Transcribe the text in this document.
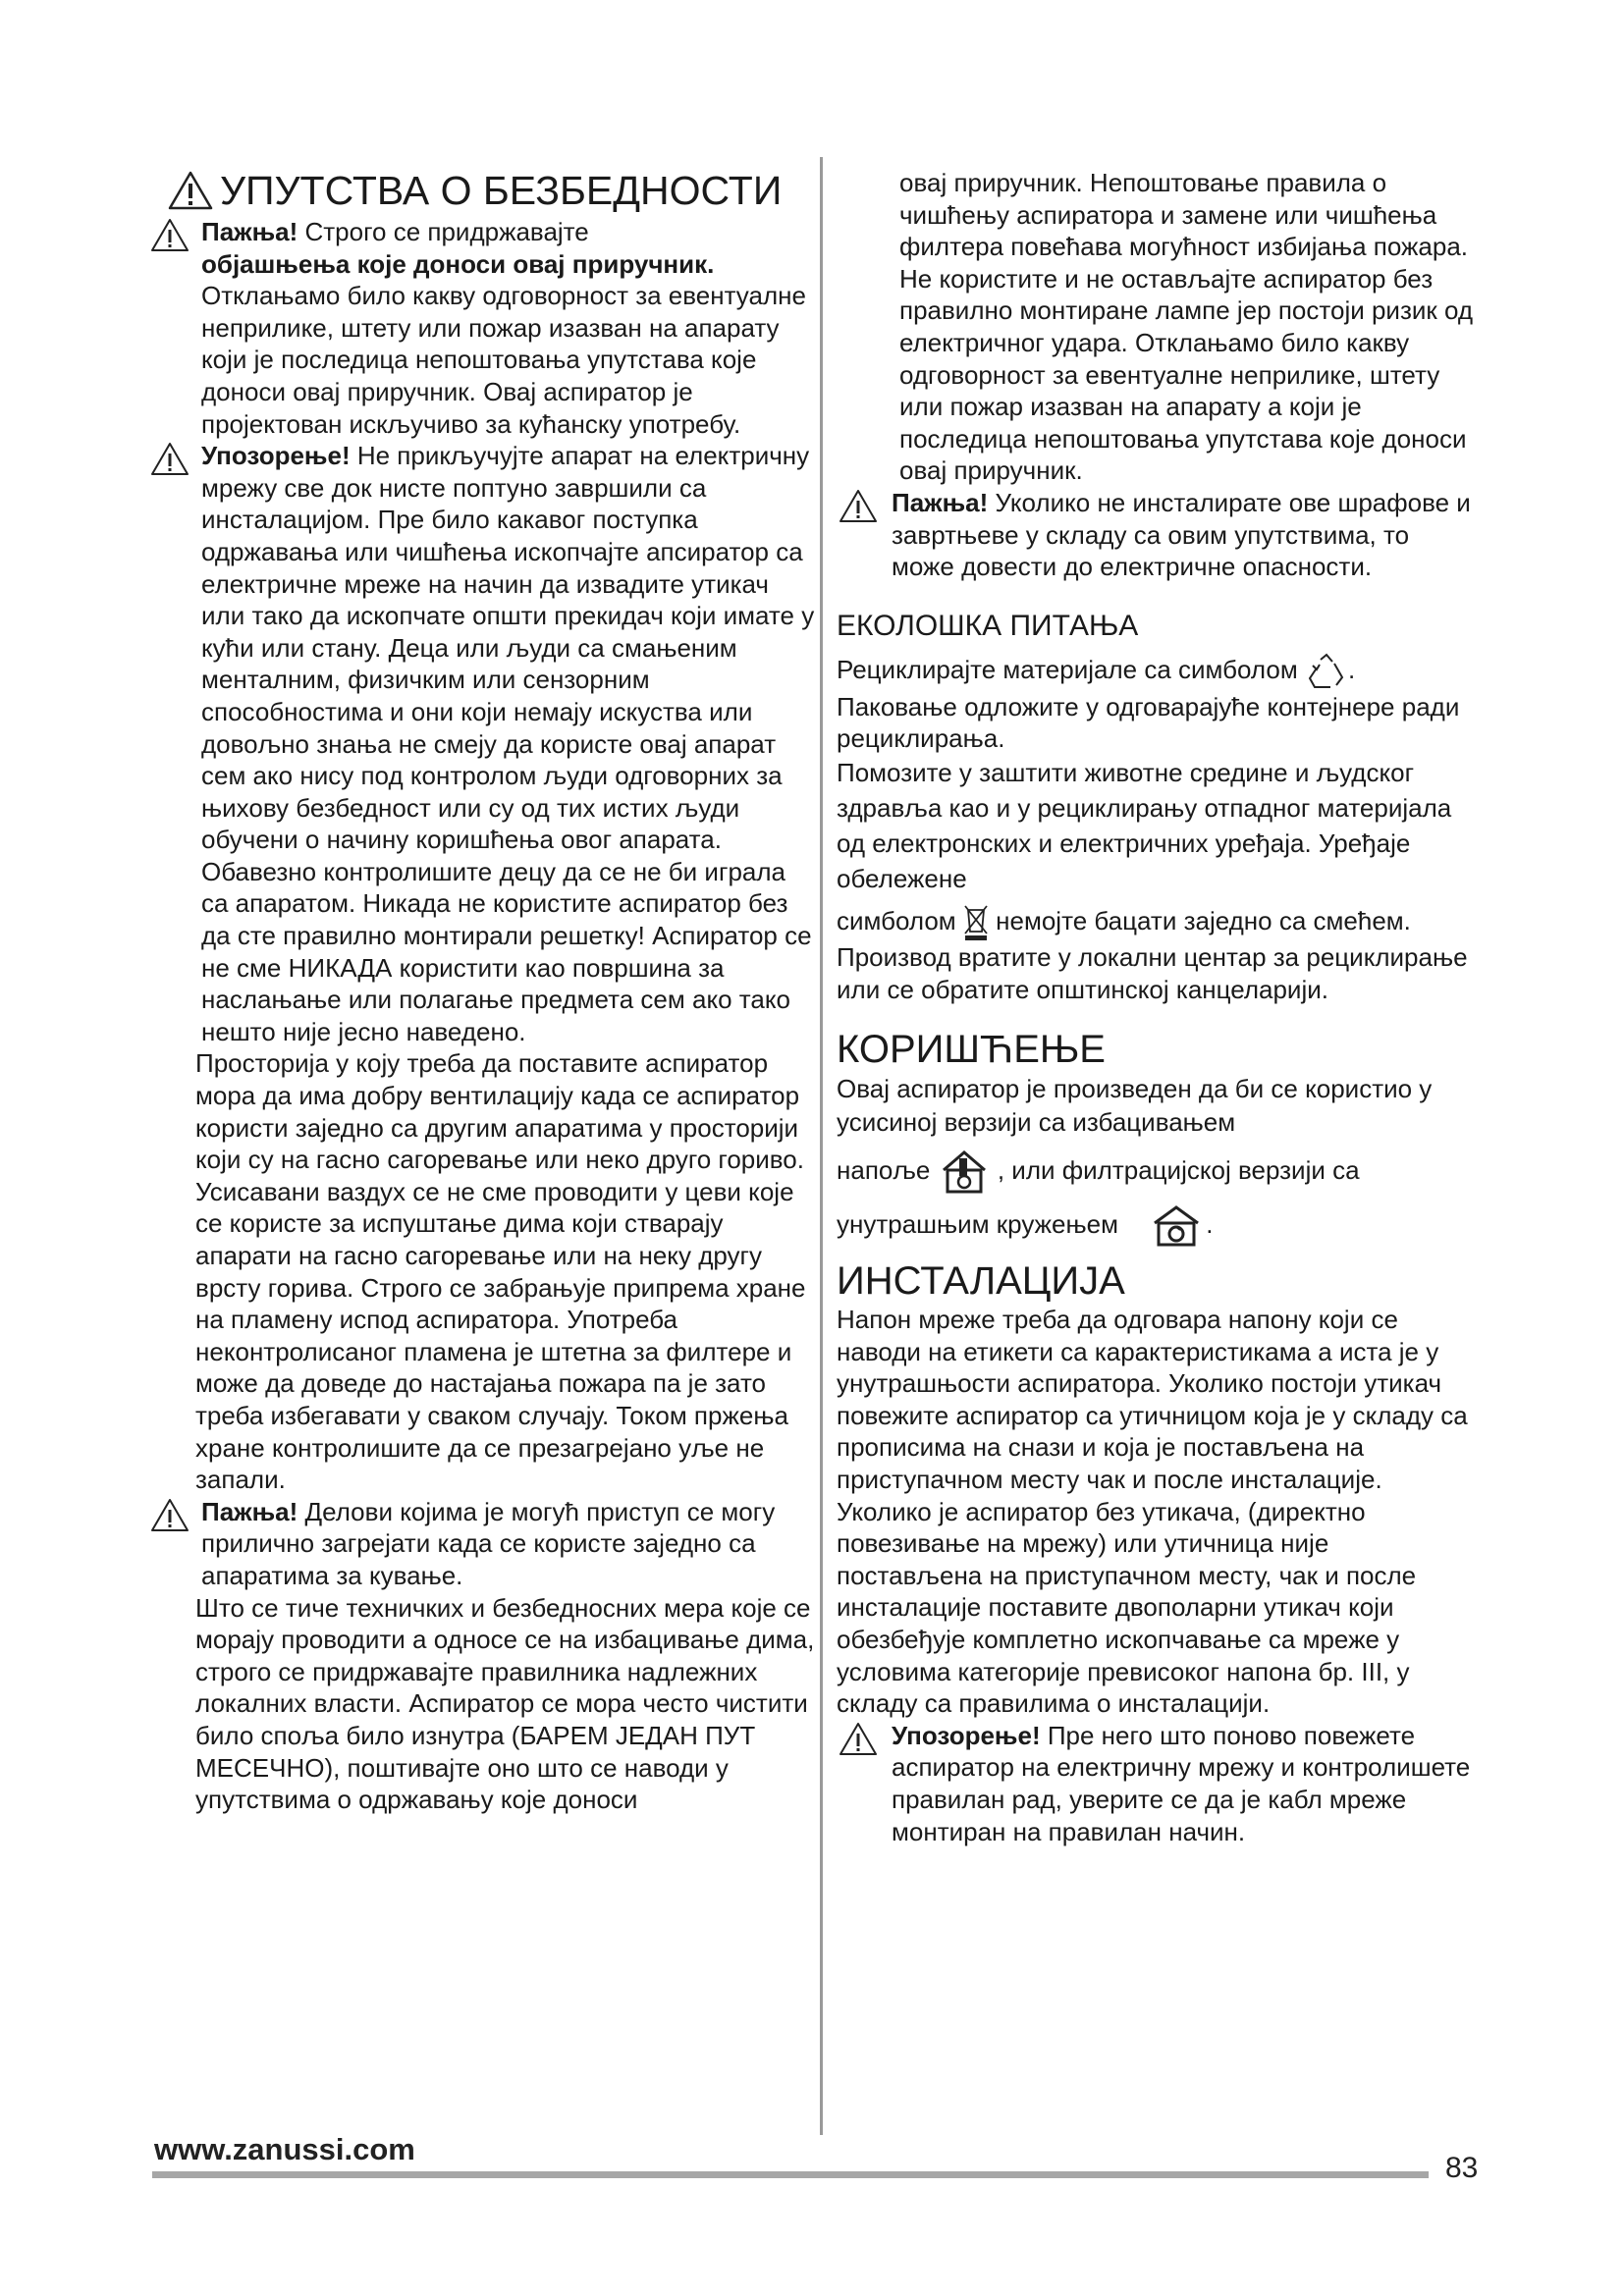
УПУТСТВА О БЕЗБЕДНОСТИ

Пажња! Строго се придржавајте
објашњења које доноси овај приручник. Отклањамо било какву одговорност за евентуалне неприлике, штету или пожар изазван на апарату који је последица непоштовања упутстава које доноси овај приручник. Овај аспиратор је пројектован искључиво за кућанску употребу.

Упозорење! Не прикључујте апарат на електричну мрежу све док нисте поптуно завршили са инсталацијом. Пре било какавог поступка одржавања или чишћења ископчајте апсиратор са електричне мреже на начин да извадите утикач или тако да ископчате општи прекидач који имате у кући или стану. Деца или људи са смањеним менталним, физичким или сензорним способностима и они који немају искуства или довољно знања не смеју да користе овај апарат сем ако нису под контролом људи одговорних за њихову безбедност или су од тих истих људи обучени о начину коришћења овог апарата. Обавезно контролишите децу да се не би играла са апаратом. Никада не користите аспиратор без да сте правилно монтирали решетку! Аспиратор се не сме НИКАДА користити као површина за наслањање или полагање предмета сем ако тако нешто није јесно наведено.

Просторија у коју треба да поставите аспиратор мора да има добру вентилацију када се аспиратор користи заједно са другим апаратима у просторији који су на гасно сагоревање или неко друго гориво. Усисавани ваздух се не сме проводити у цеви које се користе за испуштање дима који стварају апарати на гасно сагоревање или на неку другу врсту горива. Строго се забрањује припрема хране на пламену испод аспиратора. Употреба неконтролисаног пламена је штетна за филтере и може да доведе до настајања пожара па је зато треба избегавати у сваком случају. Током пржења хране контролишите да се презагрејано уље не запали.

Пажња! Делови којима је могућ приступ се могу прилично загрејати када се користе заједно са апаратима за кување.

Што се тиче техничких и безбедносних мера које се морају проводити а односе се на избацивање дима, строго се придржавајте правилника надлежних локалних власти. Аспиратор се мора често чистити било споља било изнутра (БАРЕМ ЈЕДАН ПУТ МЕСЕЧНО), поштивајте оно што се наводи у упутствима о одржавању које доноси

овај приручник. Непоштовање правила о чишћењу аспиратора и замене или чишћења филтера повећава могућност избијања пожара. Не користите и не остављајте аспиратор без правилно монтиране лампе јер постоји ризик од електричног удара. Отклањамо било какву одговорност за евентуалне неприлике, штету или пожар изазван на апарату а који је последица непоштовања упутстава које доноси овај приручник.

Пажња! Уколико не инсталирате ове шрафове и завртњеве у складу са овим упутствима, то може довести до електричне опасности.

ЕКОЛОШКА ПИТАЊА

Рециклирајте материјале са симболом .

Паковање одложите у одговарајуће контејнере ради рециклирања.

Помозите у заштити животне средине и људског здравља као и у рециклирању отпадног материјала од електронских и електричних уређаја. Уређаје обележене

симболом немојте бацати заједно са смећем. Производ вратите у локални центар за рециклирање или се обратите општинској канцеларији.

КОРИШЋЕЊЕ

Овај аспиратор је произведен да би се користио у усисиној верзији са избацивањем

напоље	, или филтрацијској верзији са

унутрашњим кружењем	.

ИНСТАЛАЦИЈА

Напон мреже треба да одговара напону који се наводи на етикети са карактеристикама а иста је у унутрашњости аспиратора. Уколико постоји утикач повежите аспиратор са утичницом која је у складу са прописима на снази и која је постављена на приступачном месту чак и после инсталације.

Уколико је аспиратор без утикача, (директно повезивање на мрежу) или утичница није постављена на приступачном месту, чак и после инсталације поставите двополарни утикач који обезбеђује комплетно ископчавање са мреже у условима категорије превисоког напона бр. III, у складу са правилима о инсталацији.

Упозорење! Пре него што поново повежете аспиратор на електричну мрежу и контролишете правилан рад, уверите се да је кабл мреже монтиран на правилан начин.

www.zanussi.com
83
